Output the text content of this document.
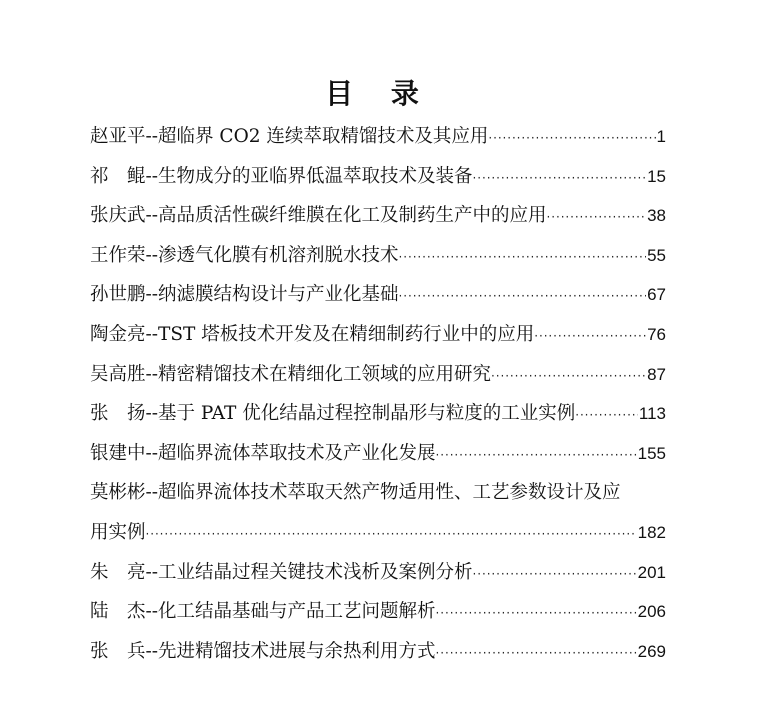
目 录
赵亚平--超临界 CO2 连续萃取精馏技术及其应用 ·····	1
祁　鲲--生物成分的亚临界低温萃取技术及装备 ·····	15
张庆武--高品质活性碳纤维膜在化工及制药生产中的应用 ·····	38
王作荣--渗透气化膜有机溶剂脱水技术 ·····	55
孙世鹏--纳滤膜结构设计与产业化基础 ·····	67
陶金亮--TST 塔板技术开发及在精细制药行业中的应用 ·····	76
吴高胜--精密精馏技术在精细化工领域的应用研究 ·····	87
张　扬--基于 PAT 优化结晶过程控制晶形与粒度的工业实例 ·····	113
银建中--超临界流体萃取技术及产业化发展 ·····	155
莫彬彬--超临界流体技术萃取天然产物适用性、工艺参数设计及应
用实例 ·····	182
朱　亮--工业结晶过程关键技术浅析及案例分析 ·····	201
陆　杰--化工结晶基础与产品工艺问题解析 ·····	206
张　兵--先进精馏技术进展与余热利用方式 ·····	269
